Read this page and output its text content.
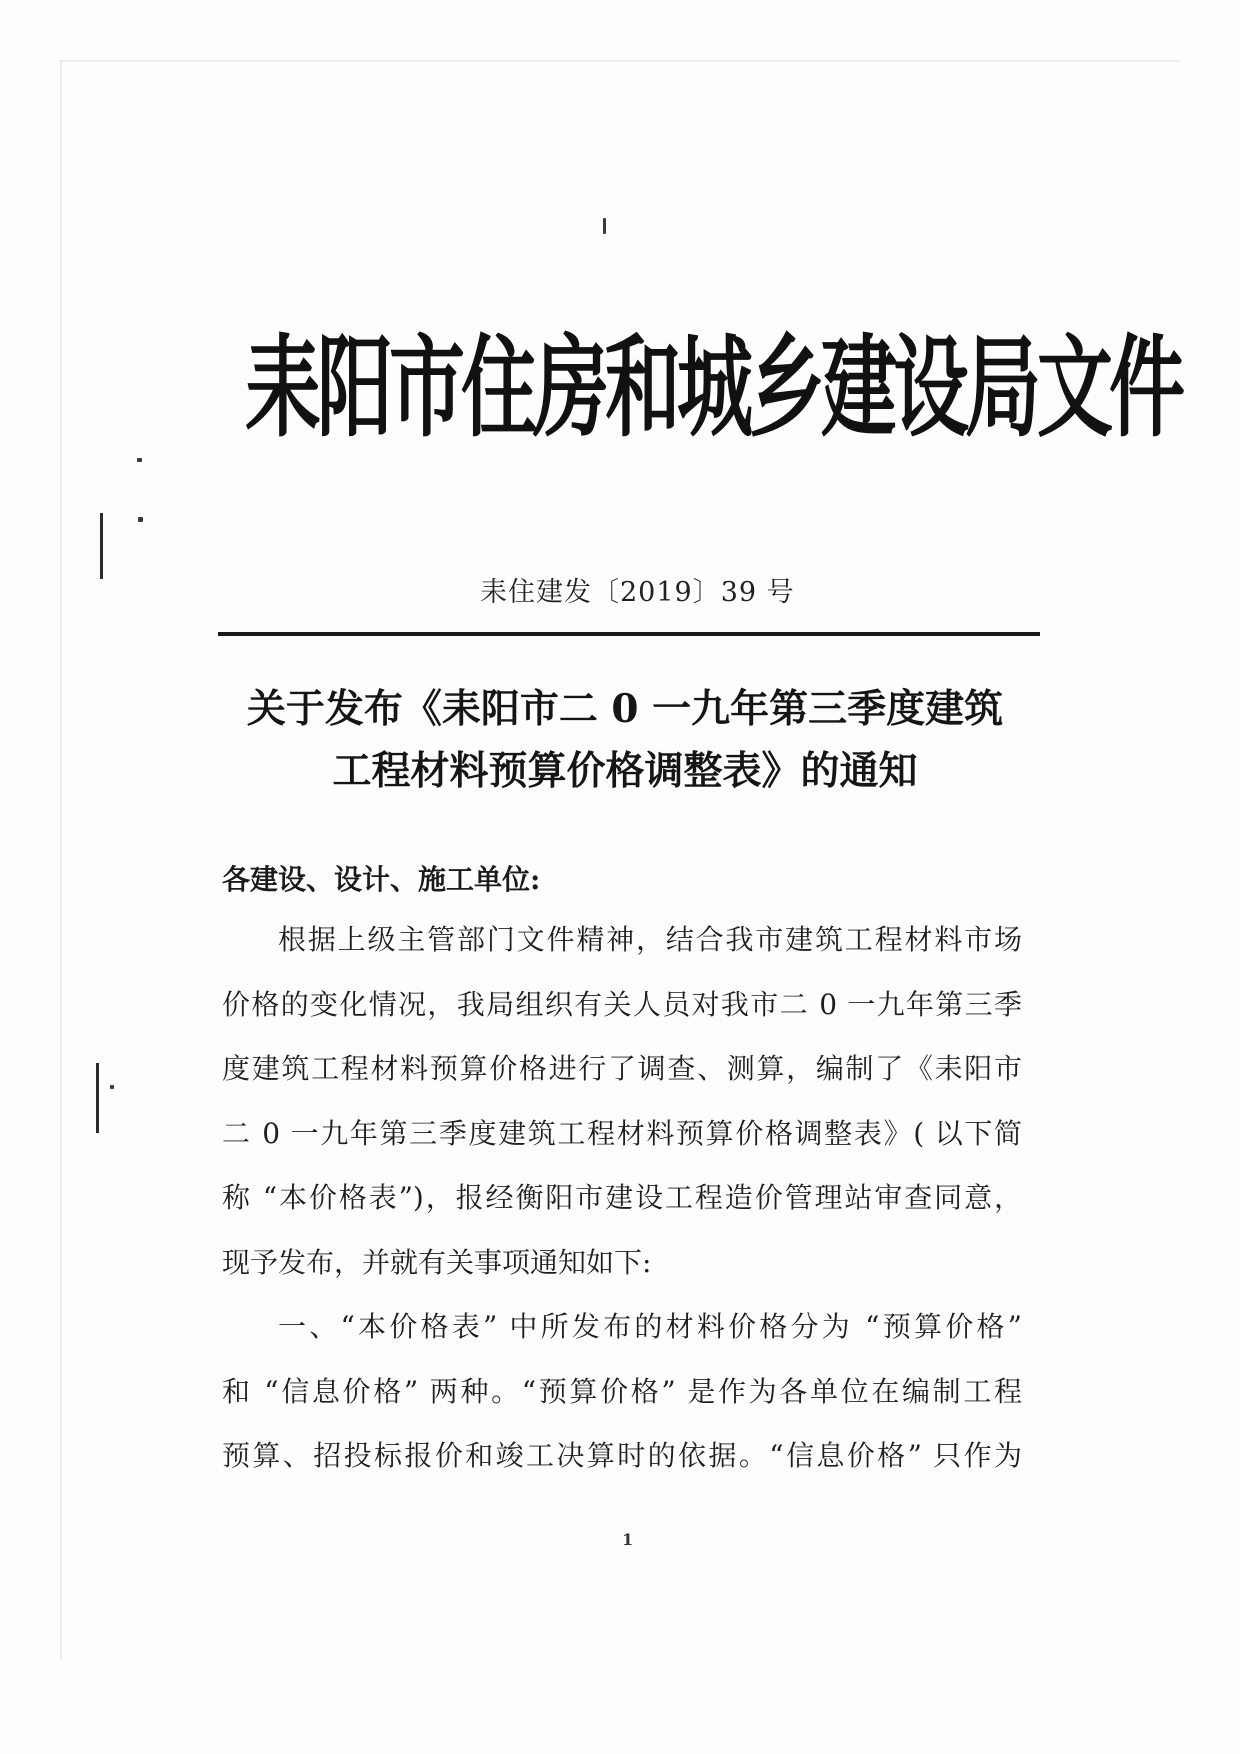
耒阳市住房和城乡建设局文件
耒住建发〔2019〕39 号
关于发布《耒阳市二 0 一九年第三季度建筑
工程材料预算价格调整表》的通知
各建设、设计、施工单位:
根据上级主管部门文件精神，结合我市建筑工程材料市场
价格的变化情况，我局组织有关人员对我市二 0 一九年第三季
度建筑工程材料预算价格进行了调查、测算，编制了《耒阳市
二 0 一九年第三季度建筑工程材料预算价格调整表》( 以下简
称 “本价格表”)，报经衡阳市建设工程造价管理站审查同意，
现予发布，并就有关事项通知如下:
一、“本价格表” 中所发布的材料价格分为 “预算价格”
和 “信息价格” 两种。“预算价格” 是作为各单位在编制工程
预算、招投标报价和竣工决算时的依据。“信息价格” 只作为
1
